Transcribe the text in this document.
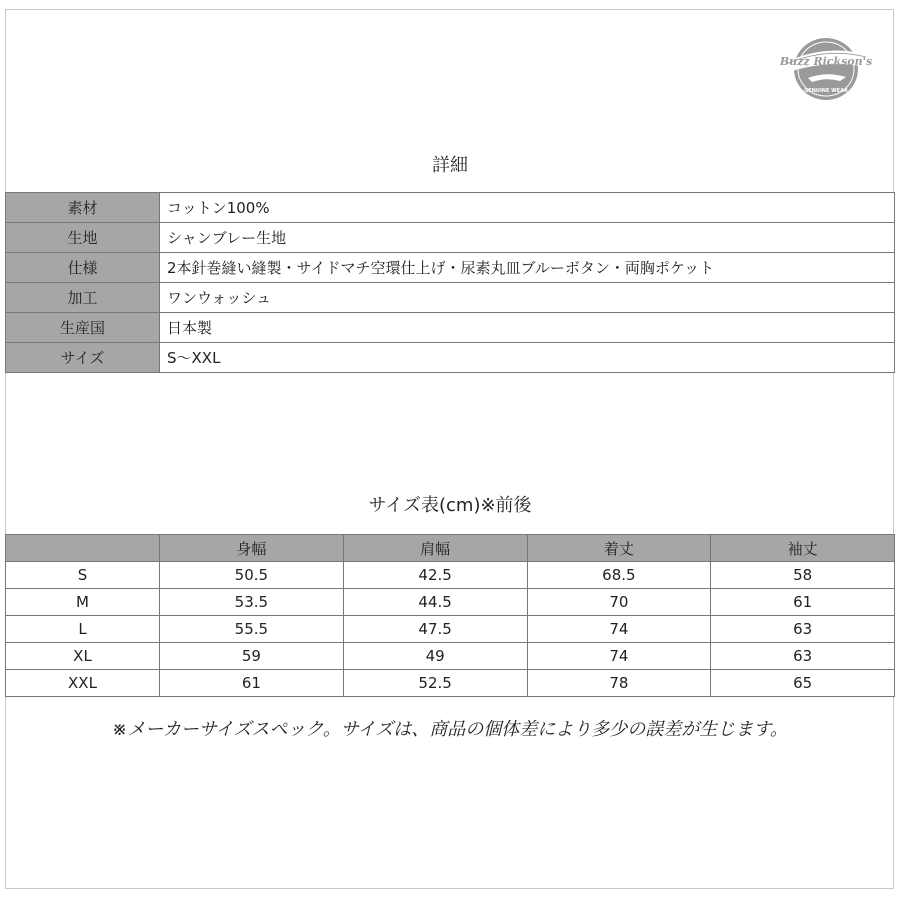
Buzz Rickson's
GENUINE WEAR
詳細
素材	コットン100%
生地	シャンブレー生地
仕様	2本針巻縫い縫製・サイドマチ空環仕上げ・尿素丸皿ブルーボタン・両胸ポケット
加工	ワンウォッシュ
生産国	日本製
サイズ	S〜XXL
サイズ表(cm)※前後
	身幅	肩幅	着丈	袖丈
S	50.5	42.5	68.5	58
M	53.5	44.5	70	61
L	55.5	47.5	74	63
XL	59	49	74	63
XXL	61	52.5	78	65
※メーカーサイズスペック。サイズは、商品の個体差により多少の誤差が生じます。
